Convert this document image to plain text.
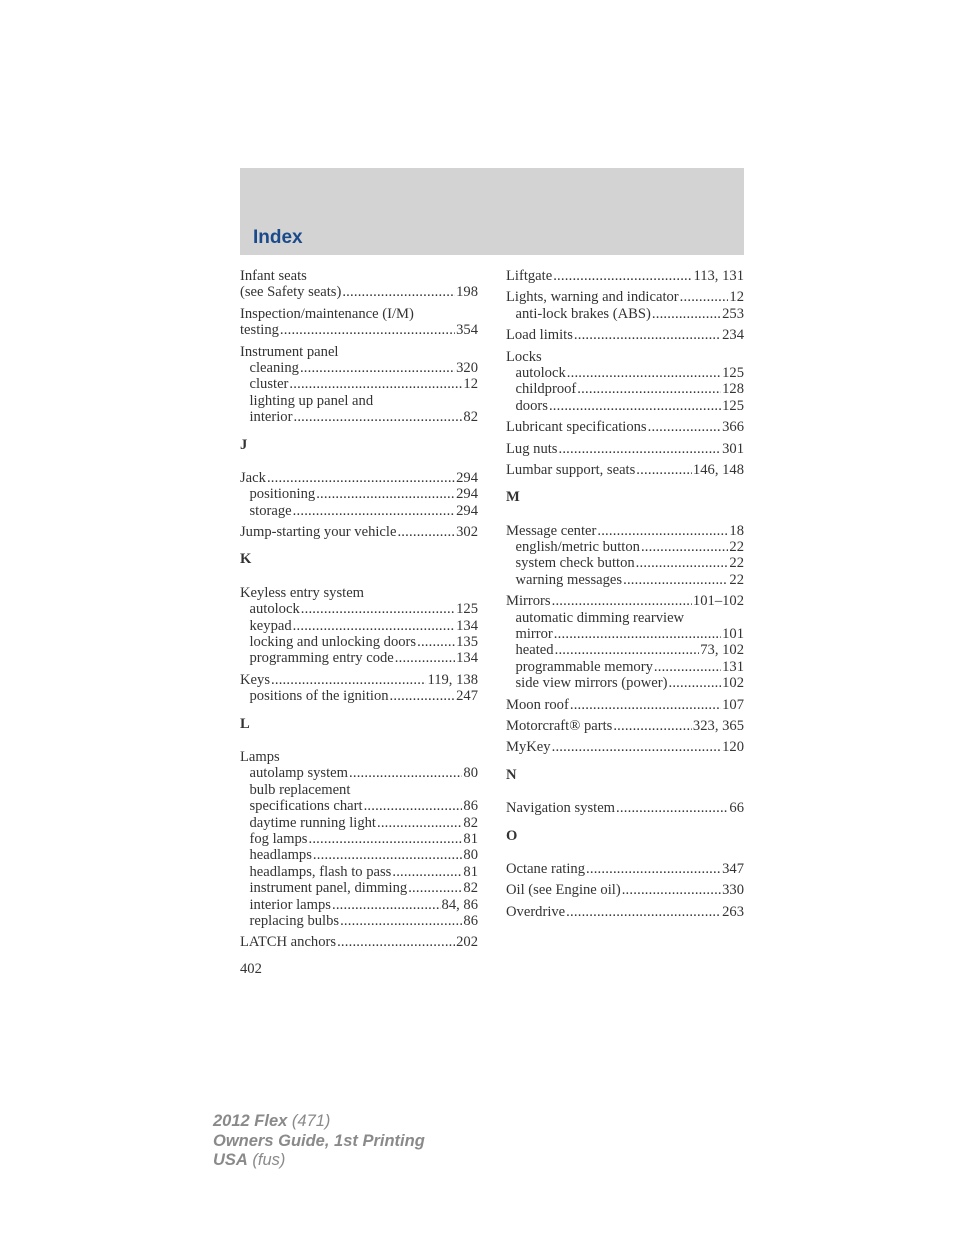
Index
Infant seats
(see Safety seats) .....	198
Inspection/maintenance (I/M)
testing .....	354
Instrument panel
cleaning .....	320
cluster .....	12
lighting up panel and
interior .....	82
J
Jack .....	294
positioning .....	294
storage .....	294
Jump-starting your vehicle .....	302
K
Keyless entry system
autolock .....	125
keypad .....	134
locking and unlocking doors .....	135
programming entry code .....	134
Keys .....	119, 138
positions of the ignition .....	247
L
Lamps
autolamp system .....	80
bulb replacement
specifications chart .....	86
daytime running light .....	82
fog lamps .....	81
headlamps .....	80
headlamps, flash to pass .....	81
instrument panel, dimming .....	82
interior lamps .....	84, 86
replacing bulbs .....	86
LATCH anchors .....	202
Liftgate .....	113, 131
Lights, warning and indicator .....	12
anti-lock brakes (ABS) .....	253
Load limits .....	234
Locks
autolock .....	125
childproof .....	128
doors .....	125
Lubricant specifications .....	366
Lug nuts .....	301
Lumbar support, seats .....	146, 148
M
Message center .....	18
english/metric button .....	22
system check button .....	22
warning messages .....	22
Mirrors .....	101–102
automatic dimming rearview
mirror .....	101
heated .....	73, 102
programmable memory .....	131
side view mirrors (power) .....	102
Moon roof .....	107
Motorcraft® parts .....	323, 365
MyKey .....	120
N
Navigation system .....	66
O
Octane rating .....	347
Oil (see Engine oil) .....	330
Overdrive .....	263
402
2012 Flex (471)
Owners Guide, 1st Printing
USA (fus)
